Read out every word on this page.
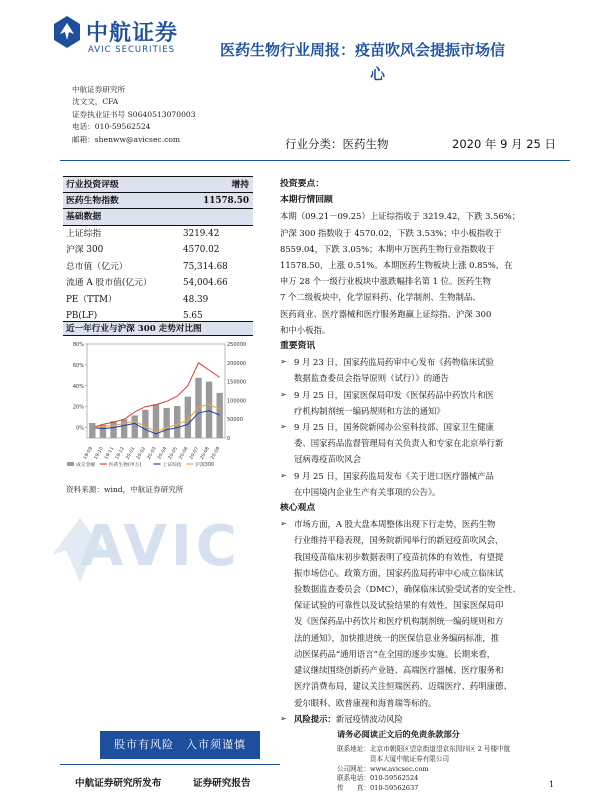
中航证券
AVIC SECURITIES	医药生物行业周报：疫苗吹风会提振市场信
心
中航证券研究所
沈文文，CFA
证券执业证书号 S0640513070003
电话：010-59562524
邮箱：shenww@avicsec.com	行业分类：医药生物	2020 年 9 月 25 日
行业投资评级	增持
医药生物指数	11578.50
基础数据
上证综指	3219.42
沪深 300	4570.02
总市值（亿元）	75,314.68
流通 A 股市值(亿元）	54,004.66
PE（TTM）	48.39
PB(LF)	5.65
近一年行业与沪深 300 走势对比图
0%
20%
40%
60%
80%
0
50000
100000
150000
200000
250000
19-09 19-10 19-11 19-12 20-01 20-02 20-03 20-04 20-05 20-06 20-07 20-08 20-09
成交金额	医药生物(申万)	上证综指	沪深300
资料来源：wind，中航证券研究所
AVIC
投资要点：
本期行情回顾
本期（09.21－09.25）上证综指收于 3219.42，下跌 3.56%；
沪深 300 指数收于 4570.02，下跌 3.53%；中小板指收于
8559.04，下跌 3.05%；本期申万医药生物行业指数收于
11578.50，上涨 0.51%。本期医药生物板块上涨 0.85%，在
申万 28 个一级行业板块中涨跌幅排名第 1 位。医药生物
7 个二级板块中，化学原料药、化学制剂、生物制品、
医药商业、医疗器械和医疗服务跑赢上证综指、沪深 300
和中小板指。
重要资讯
➢ 9 月 23 日，国家药监局药审中心发布《药物临床试验
数据监查委员会指导原则（试行）》的通告
➢ 9 月 25 日，国家医保局印发《医保药品中药饮片和医
疗机构制剂统一编码规则和方法的通知》
➢ 9 月 25 日，国务院新闻办公室科技部、国家卫生健康
委、国家药品监督管理局有关负责人和专家在北京举行新
冠病毒疫苗吹风会
➢ 9 月 25 日，国家药监局发布《关于进口医疗器械产品
在中国境内企业生产有关事项的公告》。
核心观点
➢ 市场方面，A 股大盘本周整体出现下行走势，医药生物
行业维持平稳表现，国务院新闻举行的新冠疫苗吹风会，
我国疫苗临床初步数据表明了疫苗抗体的有效性，有望提
振市场信心。政策方面，国家药监局药审中心成立临床试
验数据监查委员会（DMC），确保临床试验受试者的安全性、
保证试验的可靠性以及试验结果的有效性，国家医保局印
发《医保药品中药饮片和医疗机构制剂统一编码规则和方
法的通知》，加快推进统一的医保信息业务编码标准，推
动医保药品“通用语言”在全国的逐步实施。长期来看，
建议继续围绕创新药产业链、高端医疗器械、医疗服务和
医疗消费布局，建议关注恒瑞医药、迈瑞医疗、药明康德、
爱尔眼科、欧普康视和海普瑞等标的。
➢ 风险提示：新冠疫情波动风险
股市有风险　入市须谨慎
请务必阅读正文后的免责条款部分
联系地址：北京市朝阳区望京街道望京东园四区 2 号楼中航
　　　　　资本大厦中航证券有限公司
公司网址：www.avicsec.com
联系电话：010-59562524
传　　真：010-59562637
中航证券研究所发布	证券研究报告	1
